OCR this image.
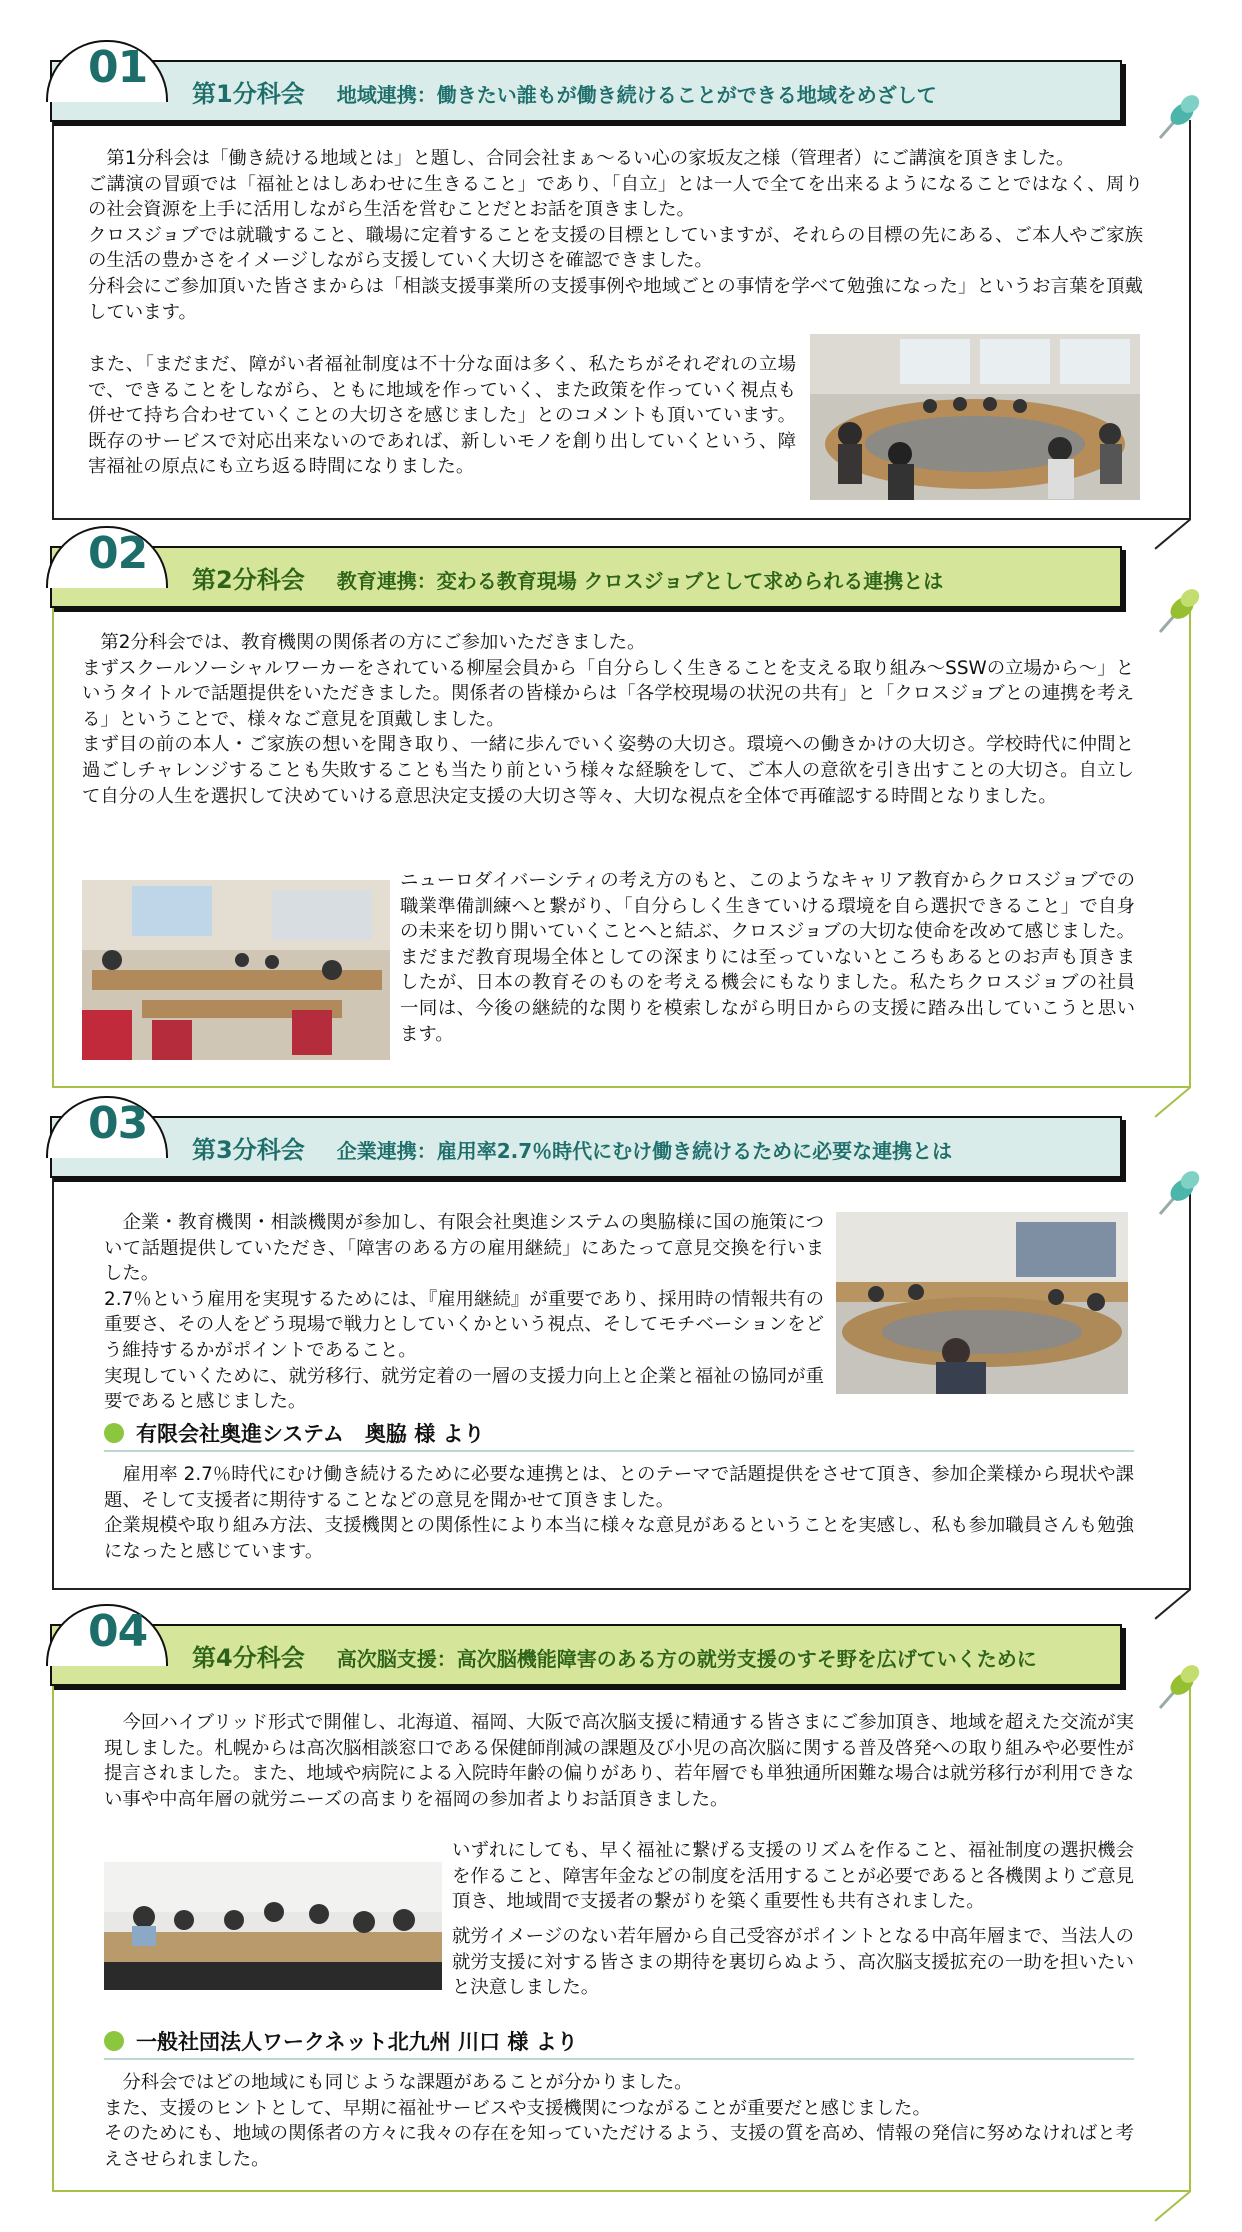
01
第1分科会 地域連携：働きたい誰もが働き続けることができる地域をめざして

　第1分科会は「働き続ける地域とは」と題し、合同会社まぁ～るい心の家坂友之様（管理者）にご講演を頂きました。

ご講演の冒頭では「福祉とはしあわせに生きること」であり、「自立」とは一人で全てを出来るようになることではなく、周りの社会資源を上手に活用しながら生活を営むことだとお話を頂きました。

クロスジョブでは就職すること、職場に定着することを支援の目標としていますが、それらの目標の先にある、ご本人やご家族の生活の豊かさをイメージしながら支援していく大切さを確認できました。

分科会にご参加頂いた皆さまからは「相談支援事業所の支援事例や地域ごとの事情を学べて勉強になった」というお言葉を頂戴しています。

また、「まだまだ、障がい者福祉制度は不十分な面は多く、私たちがそれぞれの立場で、できることをしながら、ともに地域を作っていく、また政策を作っていく視点も併せて持ち合わせていくことの大切さを感じました」とのコメントも頂いています。既存のサービスで対応出来ないのであれば、新しいモノを創り出していくという、障害福祉の原点にも立ち返る時間になりました。

02
第2分科会 教育連携：変わる教育現場 クロスジョブとして求められる連携とは

　第2分科会では、教育機関の関係者の方にご参加いただきました。

まずスクールソーシャルワーカーをされている柳屋会員から「自分らしく生きることを支える取り組み～SSWの立場から～」というタイトルで話題提供をいただきました。関係者の皆様からは「各学校現場の状況の共有」と「クロスジョブとの連携を考える」ということで、様々なご意見を頂戴しました。

まず目の前の本人・ご家族の想いを聞き取り、一緒に歩んでいく姿勢の大切さ。環境への働きかけの大切さ。学校時代に仲間と過ごしチャレンジすることも失敗することも当たり前という様々な経験をして、ご本人の意欲を引き出すことの大切さ。自立して自分の人生を選択して決めていける意思決定支援の大切さ等々、大切な視点を全体で再確認する時間となりました。

ニューロダイバーシティの考え方のもと、このようなキャリア教育からクロスジョブでの職業準備訓練へと繋がり、「自分らしく生きていける環境を自ら選択できること」で自身の未来を切り開いていくことへと結ぶ、クロスジョブの大切な使命を改めて感じました。まだまだ教育現場全体としての深まりには至っていないところもあるとのお声も頂きましたが、日本の教育そのものを考える機会にもなりました。私たちクロスジョブの社員一同は、今後の継続的な関りを模索しながら明日からの支援に踏み出していこうと思います。

03
第3分科会 企業連携：雇用率2.7％時代にむけ働き続けるために必要な連携とは

　企業・教育機関・相談機関が参加し、有限会社奥進システムの奥脇様に国の施策について話題提供していただき、「障害のある方の雇用継続」にあたって意見交換を行いました。

2.7％という雇用を実現するためには、『雇用継続』が重要であり、採用時の情報共有の重要さ、その人をどう現場で戦力としていくかという視点、そしてモチベーションをどう維持するかがポイントであること。

実現していくために、就労移行、就労定着の一層の支援力向上と企業と福祉の協同が重要であると感じました。

有限会社奥進システム　奥脇 様 より

　雇用率 2.7％時代にむけ働き続けるために必要な連携とは、とのテーマで話題提供をさせて頂き、参加企業様から現状や課題、そして支援者に期待することなどの意見を聞かせて頂きました。

企業規模や取り組み方法、支援機関との関係性により本当に様々な意見があるということを実感し、私も参加職員さんも勉強になったと感じています。

04
第4分科会 高次脳支援：高次脳機能障害のある方の就労支援のすそ野を広げていくために

　今回ハイブリッド形式で開催し、北海道、福岡、大阪で高次脳支援に精通する皆さまにご参加頂き、地域を超えた交流が実現しました。札幌からは高次脳相談窓口である保健師削減の課題及び小児の高次脳に関する普及啓発への取り組みや必要性が提言されました。また、地域や病院による入院時年齢の偏りがあり、若年層でも単独通所困難な場合は就労移行が利用できない事や中高年層の就労ニーズの高まりを福岡の参加者よりお話頂きました。

いずれにしても、早く福祉に繋げる支援のリズムを作ること、福祉制度の選択機会を作ること、障害年金などの制度を活用することが必要であると各機関よりご意見頂き、地域間で支援者の繋がりを築く重要性も共有されました。

就労イメージのない若年層から自己受容がポイントとなる中高年層まで、当法人の就労支援に対する皆さまの期待を裏切らぬよう、高次脳支援拡充の一助を担いたいと決意しました。

一般社団法人ワークネット北九州 川口 様 より

　分科会ではどの地域にも同じような課題があることが分かりました。

また、支援のヒントとして、早期に福祉サービスや支援機関につながることが重要だと感じました。

そのためにも、地域の関係者の方々に我々の存在を知っていただけるよう、支援の質を高め、情報の発信に努めなければと考えさせられました。
